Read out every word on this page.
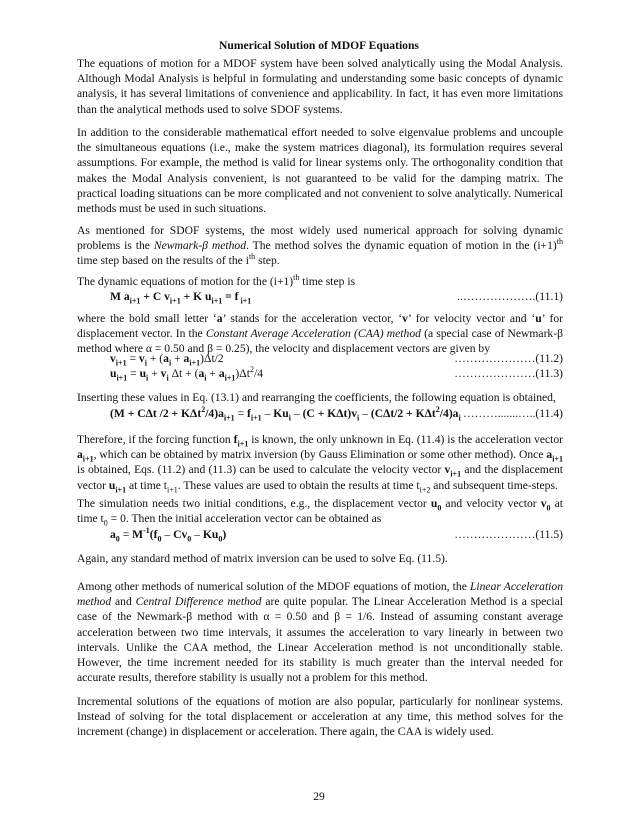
Numerical Solution of MDOF Equations

The equations of motion for a MDOF system have been solved analytically using the Modal Analysis. Although Modal Analysis is helpful in formulating and understanding some basic concepts of dynamic analysis, it has several limitations of convenience and applicability. In fact, it has even more limitations than the analytical methods used to solve SDOF systems.

In addition to the considerable mathematical effort needed to solve eigenvalue problems and uncouple the simultaneous equations (i.e., make the system matrices diagonal), its formulation requires several assumptions. For example, the method is valid for linear systems only. The orthogonality condition that makes the Modal Analysis convenient, is not guaranteed to be valid for the damping matrix. The practical loading situations can be more complicated and not convenient to solve analytically. Numerical methods must be used in such situations.

As mentioned for SDOF systems, the most widely used numerical approach for solving dynamic problems is the Newmark-β method. The method solves the dynamic equation of motion in the $(i+1)^{th}$ time step based on the results of the $i^{th}$ step.

The dynamic equations of motion for the $(i+1)^{th}$ time step is

M $a_{i+1} + C$ $v_{i+1} + K$ $u_{i+1} = f$ $_{i+1}$	..……………….(11.1)

where the bold small letter ‘a’ stands for the acceleration vector, ‘v’ for velocity vector and ‘u’ for displacement vector. In the Constant Average Acceleration (CAA) method (a special case of Newmark-β method where α = 0.50 and β = 0.25), the velocity and displacement vectors are given by

$v_{i+1} = v_i + (a_i + a_{i+1})\Delta t/2$	…………………(11.2)
$u_{i+1} = u_i + v_i$ $\Delta t + (a_i + a_{i+1})\Delta t^2/4$	…………………(11.3)

Inserting these values in Eq. (13.1) and rearranging the coefficients, the following equation is obtained,

(M + CΔt $/2 + K\Delta t^2/4)a_{i+1} = f_{i+1} - Ku_i - (C + K\Delta t)v_i - (C\Delta t/2 + K\Delta t^2/4)a_i$ ……….......…..(11.4)

Therefore, if the forcing function $f_{i+1}$ is known, the only unknown in Eq. (11.4) is the acceleration vector $a_{i+1}$, which can be obtained by matrix inversion (by Gauss Elimination or some other method). Once $a_{i+1}$ is obtained, Eqs. (11.2) and (11.3) can be used to calculate the velocity vector $v_{i+1}$ and the displacement vector $u_{i+1}$ at time $t_{i+1}$. These values are used to obtain the results at time $t_{i+2}$ and subsequent time-steps.

The simulation needs two initial conditions, e.g., the displacement vector $u_0$ and velocity vector $v_0$ at time $t_0 = 0$. Then the initial acceleration vector can be obtained as

$a_0 = M^{-1}(f_0 - Cv_0 - Ku_0)$	…………………(11.5)

Again, any standard method of matrix inversion can be used to solve Eq. (11.5).

Among other methods of numerical solution of the MDOF equations of motion, the Linear Acceleration method and Central Difference method are quite popular. The Linear Acceleration Method is a special case of the Newmark-β method with α = 0.50 and β = 1/6. Instead of assuming constant average acceleration between two time intervals, it assumes the acceleration to vary linearly in between two intervals. Unlike the CAA method, the Linear Acceleration method is not unconditionally stable. However, the time increment needed for its stability is much greater than the interval needed for accurate results, therefore stability is usually not a problem for this method.

Incremental solutions of the equations of motion are also popular, particularly for nonlinear systems. Instead of solving for the total displacement or acceleration at any time, this method solves for the increment (change) in displacement or acceleration. There again, the CAA is widely used.

29
